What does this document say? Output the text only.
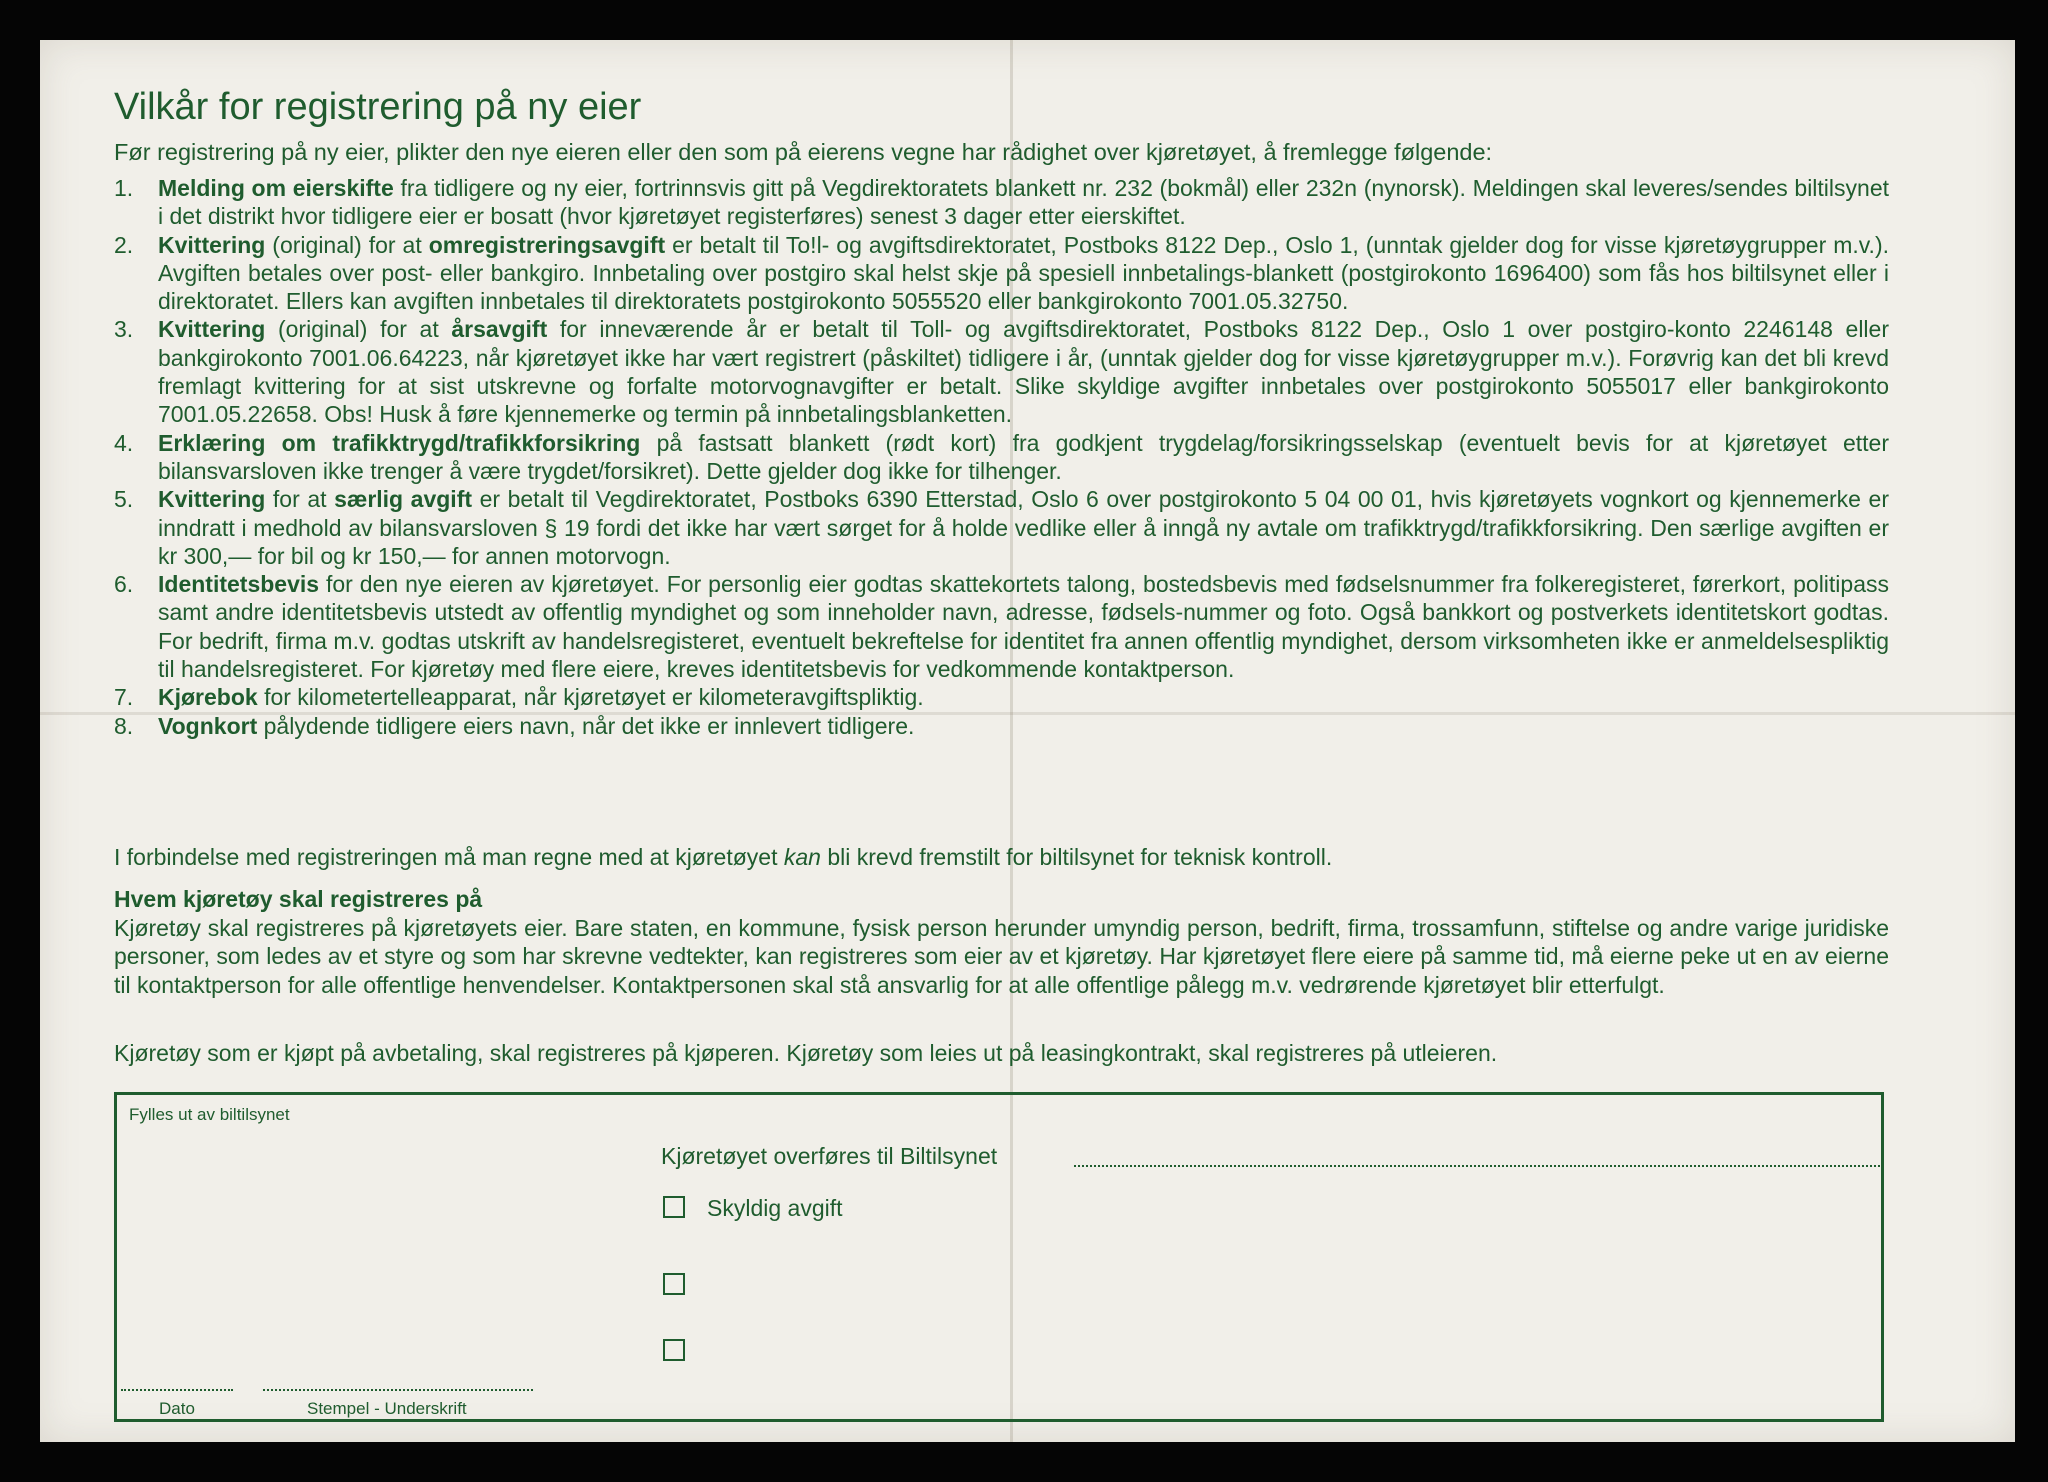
Vilkår for registrering på ny eier

Før registrering på ny eier, plikter den nye eieren eller den som på eierens vegne har rådighet over kjøretøyet, å fremlegge følgende:

1. Melding om eierskifte fra tidligere og ny eier, fortrinnsvis gitt på Vegdirektoratets blankett nr. 232 (bokmål) eller 232n (nynorsk). Meldingen skal leveres/sendes biltilsynet i det distrikt hvor tidligere eier er bosatt (hvor kjøretøyet registerføres) senest 3 dager etter eierskiftet.
2. Kvittering (original) for at omregistreringsavgift er betalt til To!l- og avgiftsdirektoratet, Postboks 8122 Dep., Oslo 1, (unntak gjelder dog for visse kjøretøygrupper m.v.). Avgiften betales over post- eller bankgiro. Innbetaling over postgiro skal helst skje på spesiell innbetalings-blankett (postgirokonto 1696400) som fås hos biltilsynet eller i direktoratet. Ellers kan avgiften innbetales til direktoratets postgirokonto 5055520 eller bankgirokonto 7001.05.32750.
3. Kvittering (original) for at årsavgift for inneværende år er betalt til Toll- og avgiftsdirektoratet, Postboks 8122 Dep., Oslo 1 over postgiro-konto 2246148 eller bankgirokonto 7001.06.64223, når kjøretøyet ikke har vært registrert (påskiltet) tidligere i år, (unntak gjelder dog for visse kjøretøygrupper m.v.). Forøvrig kan det bli krevd fremlagt kvittering for at sist utskrevne og forfalte motorvognavgifter er betalt. Slike skyldige avgifter innbetales over postgirokonto 5055017 eller bankgirokonto 7001.05.22658. Obs! Husk å føre kjennemerke og termin på innbetalingsblanketten.
4. Erklæring om trafikktrygd/trafikkforsikring på fastsatt blankett (rødt kort) fra godkjent trygdelag/forsikringsselskap (eventuelt bevis for at kjøretøyet etter bilansvarsloven ikke trenger å være trygdet/forsikret). Dette gjelder dog ikke for tilhenger.
5. Kvittering for at særlig avgift er betalt til Vegdirektoratet, Postboks 6390 Etterstad, Oslo 6 over postgirokonto 5 04 00 01, hvis kjøretøyets vognkort og kjennemerke er inndratt i medhold av bilansvarsloven § 19 fordi det ikke har vært sørget for å holde vedlike eller å inngå ny avtale om trafikktrygd/trafikkforsikring. Den særlige avgiften er kr 300,— for bil og kr 150,— for annen motorvogn.
6. Identitetsbevis for den nye eieren av kjøretøyet. For personlig eier godtas skattekortets talong, bostedsbevis med fødselsnummer fra folkeregisteret, førerkort, politipass samt andre identitetsbevis utstedt av offentlig myndighet og som inneholder navn, adresse, fødsels-nummer og foto. Også bankkort og postverkets identitetskort godtas. For bedrift, firma m.v. godtas utskrift av handelsregisteret, eventuelt bekreftelse for identitet fra annen offentlig myndighet, dersom virksomheten ikke er anmeldelsespliktig til handelsregisteret. For kjøretøy med flere eiere, kreves identitetsbevis for vedkommende kontaktperson.
7. Kjørebok for kilometertelleapparat, når kjøretøyet er kilometeravgiftspliktig.
8. Vognkort pålydende tidligere eiers navn, når det ikke er innlevert tidligere.

I forbindelse med registreringen må man regne med at kjøretøyet kan bli krevd fremstilt for biltilsynet for teknisk kontroll.

Hvem kjøretøy skal registreres på

Kjøretøy skal registreres på kjøretøyets eier. Bare staten, en kommune, fysisk person herunder umyndig person, bedrift, firma, trossamfunn, stiftelse og andre varige juridiske personer, som ledes av et styre og som har skrevne vedtekter, kan registreres som eier av et kjøretøy. Har kjøretøyet flere eiere på samme tid, må eierne peke ut en av eierne til kontaktperson for alle offentlige henvendelser. Kontaktpersonen skal stå ansvarlig for at alle offentlige pålegg m.v. vedrørende kjøretøyet blir etterfulgt.

Kjøretøy som er kjøpt på avbetaling, skal registreres på kjøperen. Kjøretøy som leies ut på leasingkontrakt, skal registreres på utleieren.

Fylles ut av biltilsynet
Kjøretøyet overføres til Biltilsynet
Skyldig avgift
Dato	Stempel - Underskrift
